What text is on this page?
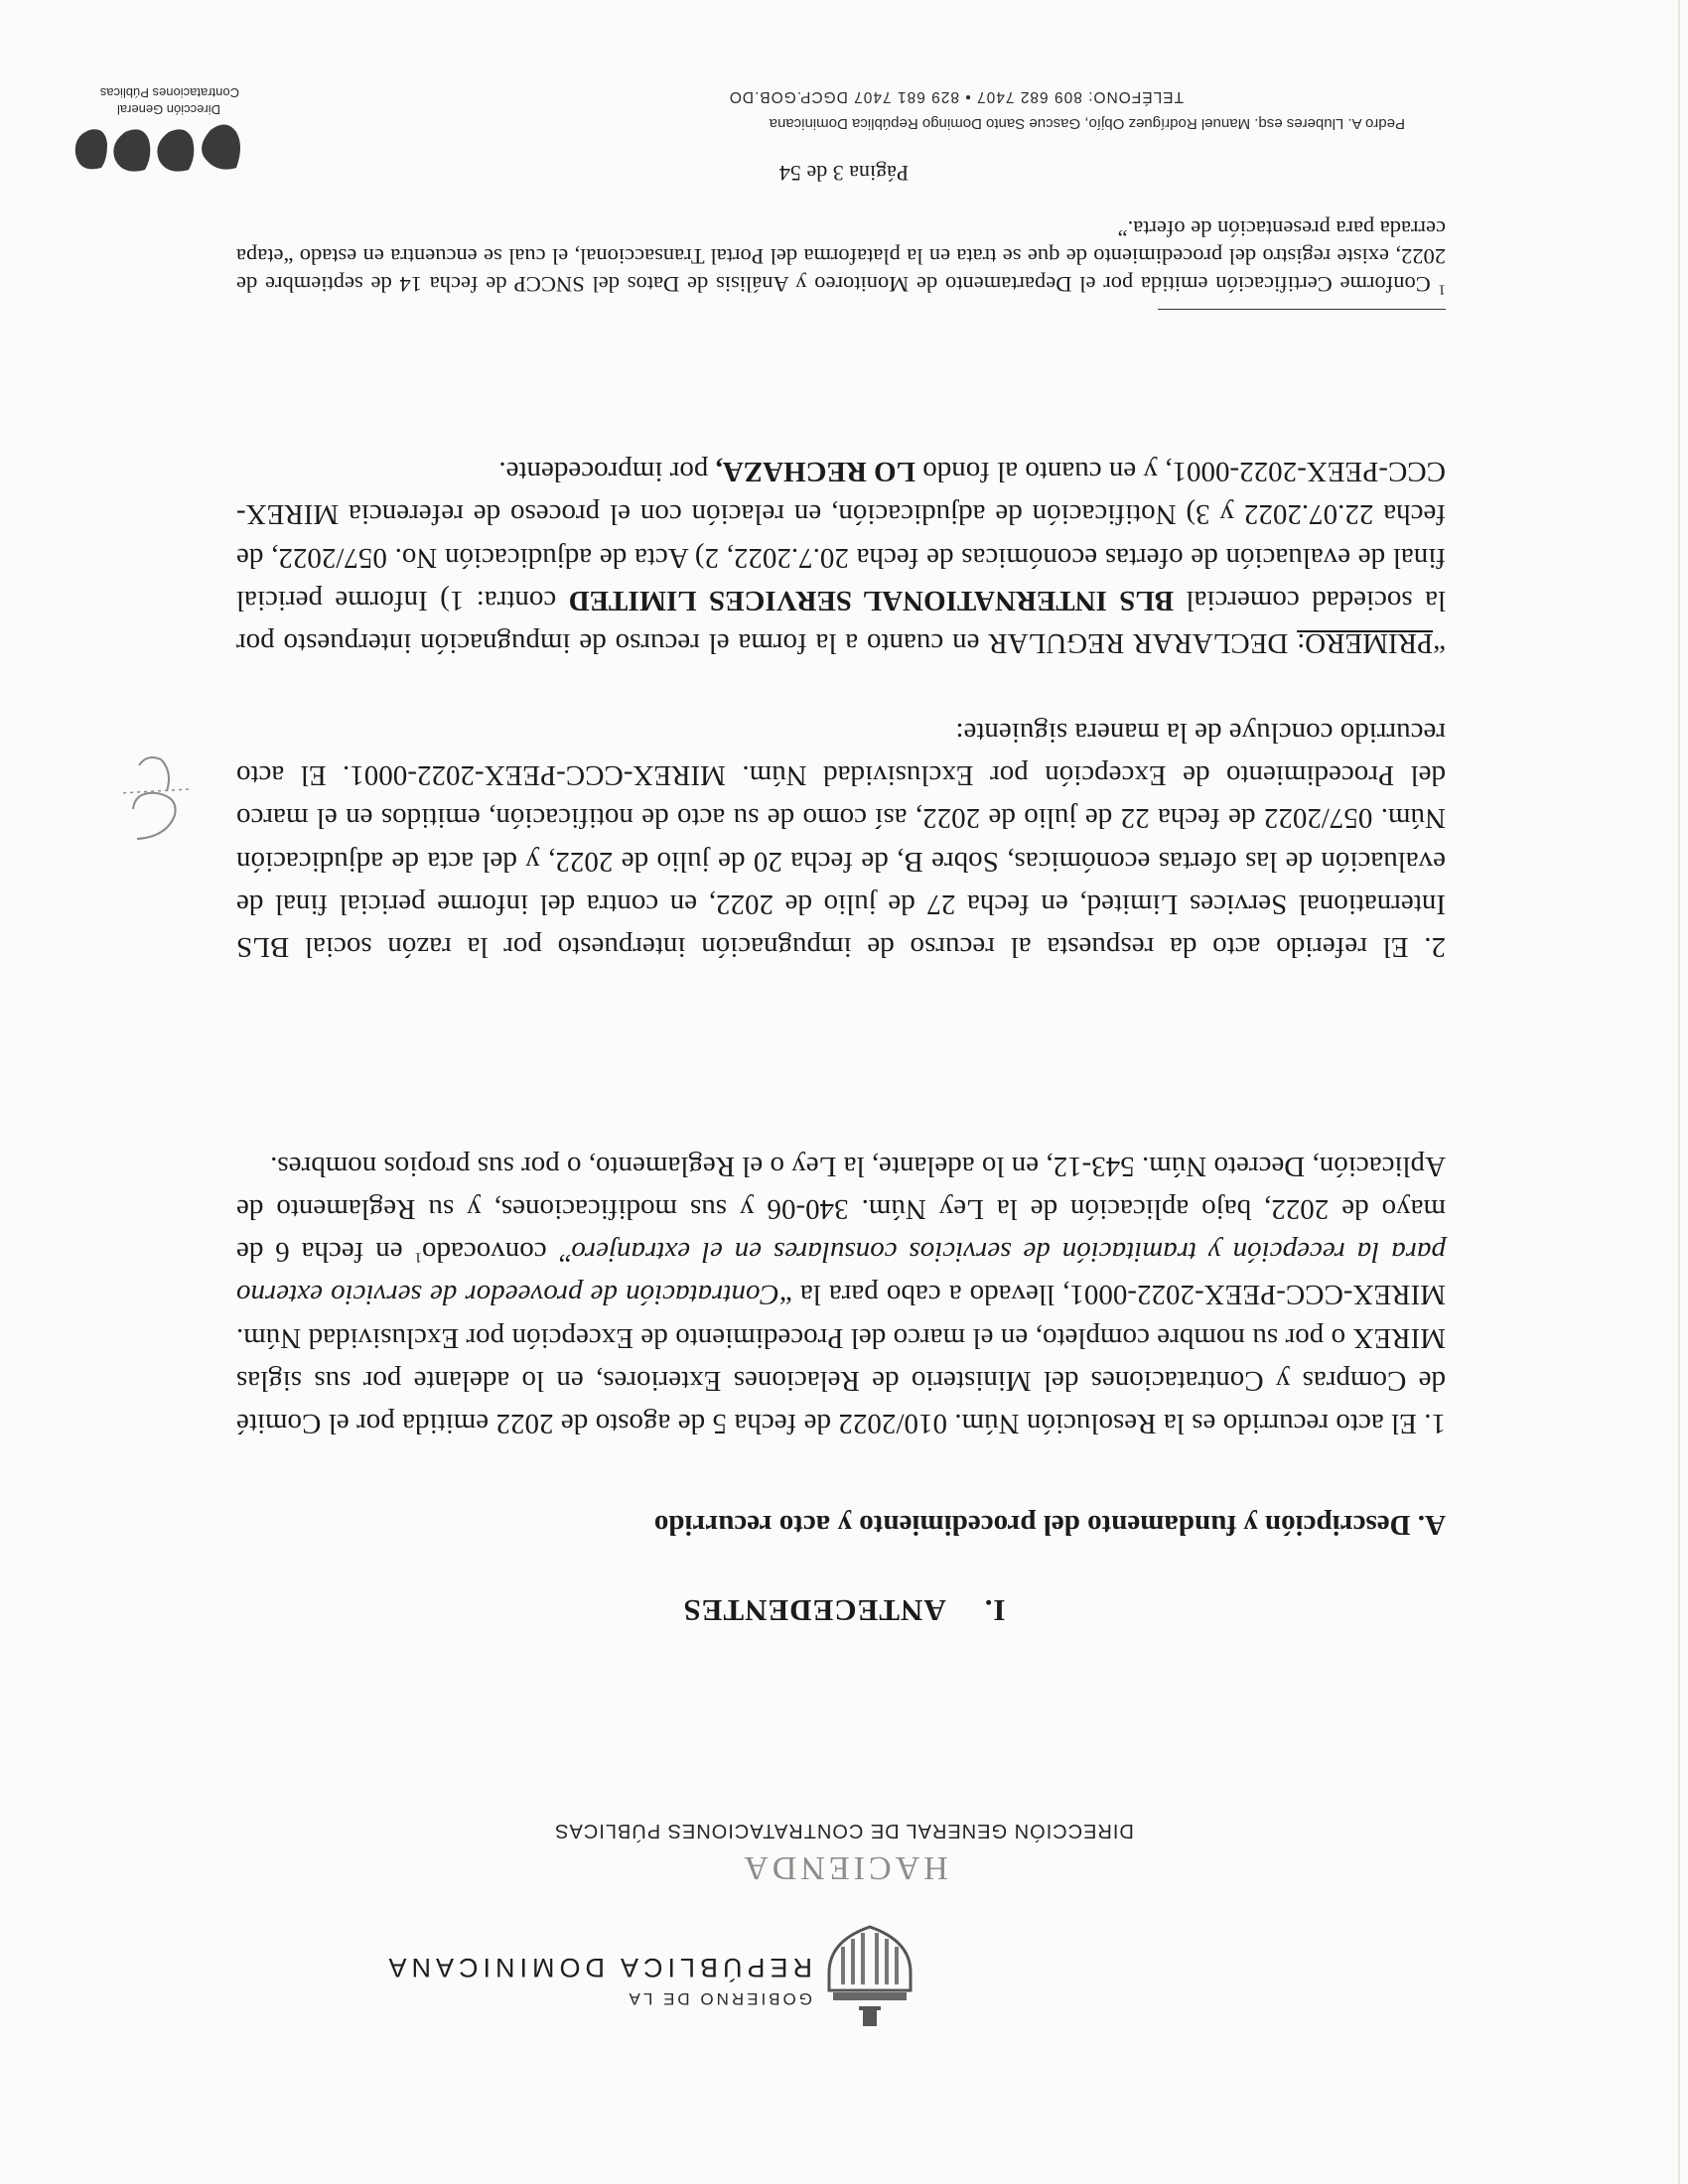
GOBIERNO DE LA
REPÚBLICA DOMINICANA
HACIENDA
DIRECCIÓN GENERAL DE CONTRATACIONES PÚBLICAS
I.ANTECEDENTES
A. Descripción y fundamento del procedimiento y acto recurrido
1. El acto recurrido es la Resolución Núm. 010/2022 de fecha 5 de agosto de 2022 emitida por el Comité de Compras y Contrataciones del Ministerio de Relaciones Exteriores, en lo adelante por sus siglas MIREX o por su nombre completo, en el marco del Procedimiento de Excepción por Exclusividad Núm. MIREX-CCC-PEEX-2022-0001, llevado a cabo para la “Contratación de proveedor de servicio externo para la recepción y tramitación de servicios consulares en el extranjero” convocado$^1$ en fecha 6 de mayo de 2022, bajo aplicación de la Ley Núm. 340-06 y sus modificaciones, y su Reglamento de Aplicación, Decreto Núm. 543-12, en lo adelante, la Ley o el Reglamento, o por sus propios nombres.
2. El referido acto da respuesta al recurso de impugnación interpuesto por la razón social BLS International Services Limited, en fecha 27 de julio de 2022, en contra del informe pericial final de evaluación de las ofertas económicas, Sobre B, de fecha 20 de julio de 2022, y del acta de adjudicación Núm. 057/2022 de fecha 22 de julio de 2022, así como de su acto de notificación, emitidos en el marco del Procedimiento de Excepción por Exclusividad Núm. MIREX-CCC-PEEX-2022-0001. El acto recurrido concluye de la manera siguiente:
“PRIMERO: DECLARAR REGULAR en cuanto a la forma el recurso de impugnación interpuesto por la sociedad comercial BLS INTERNATIONAL SERVICES LIMITED contra: 1) Informe pericial final de evaluación de ofertas económicas de fecha 20.7.2022, 2) Acta de adjudicación No. 057/2022, de fecha 22.07.2022 y 3) Notificación de adjudicación, en relación con el proceso de referencia MIREX-CCC-PEEX-2022-0001, y en cuanto al fondo LO RECHAZA, por improcedente.
$^1$ Conforme Certificación emitida por el Departamento de Monitoreo y Análisis de Datos del SNCCP de fecha 14 de septiembre de 2022, existe registro del procedimiento de que se trata en la plataforma del Portal Transaccional, el cual se encuentra en estado “etapa cerrada para presentación de oferta.”
Página 3 de 54
Pedro A. Lluberes esq. Manuel Rodríguez Objío, Gascue Santo Domingo República Dominicana
TELÉFONO: 809 682 7407 • 829 681 7407 DGCP.GOB.DO
Dirección General
Contrataciones Públicas
